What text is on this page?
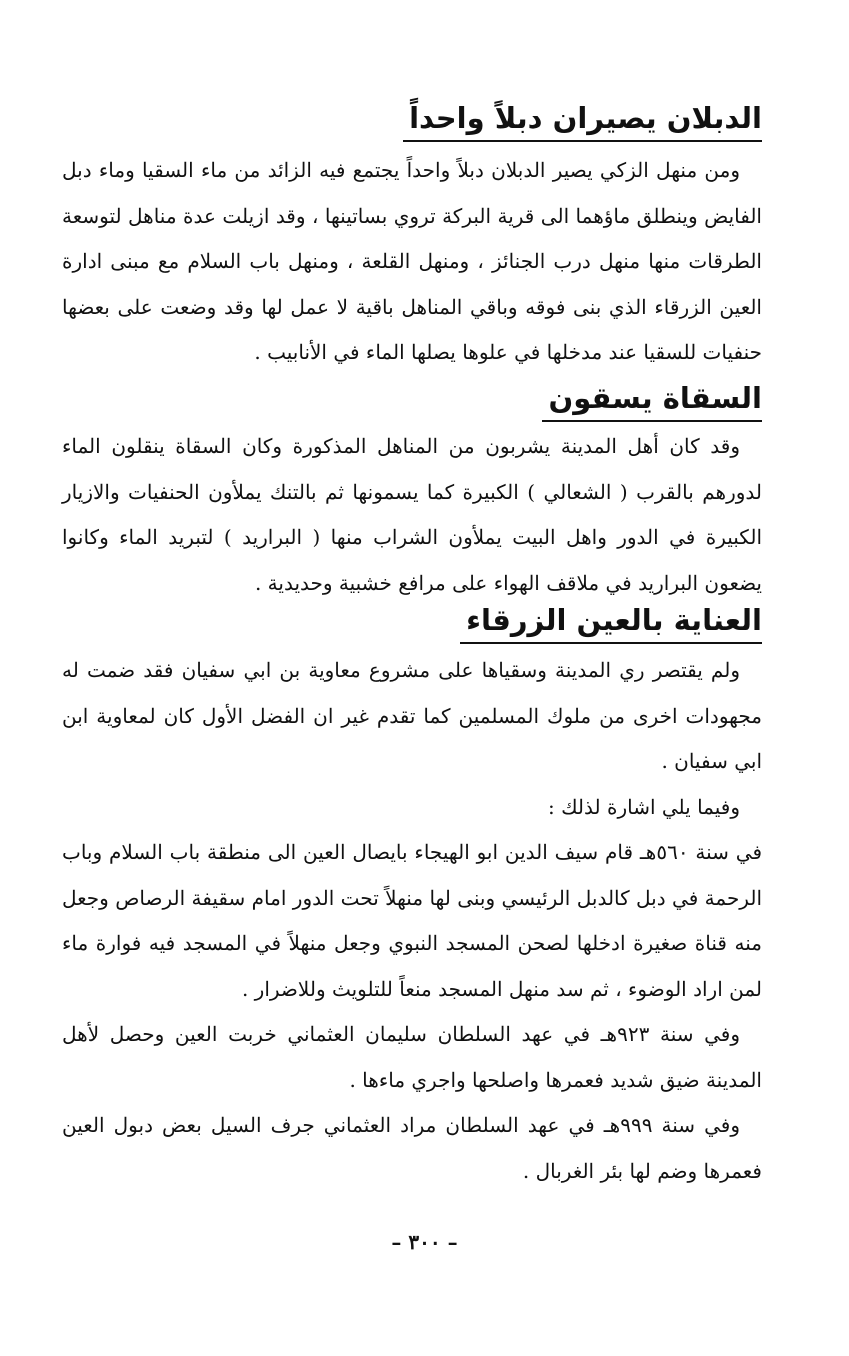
الدبلان يصيران دبلاً واحداً

ومن منهل الزكي يصير الدبلان دبلاً واحداً يجتمع فيه الزائد من ماء السقيا وماء دبل الفايض وينطلق ماؤهما الى قرية البركة تروي بساتينها ، وقد ازيلت عدة مناهل لتوسعة الطرقات منها منهل درب الجنائز ، ومنهل القلعة ، ومنهل باب السلام مع مبنى ادارة العين الزرقاء الذي بنى فوقه وباقي المناهل باقية لا عمل لها وقد وضعت على بعضها حنفيات للسقيا عند مدخلها في علوها يصلها الماء في الأنابيب .

السقاة يسقون

وقد كان أهل المدينة يشربون من المناهل المذكورة وكان السقاة ينقلون الماء لدورهم بالقرب ( الشعالي ) الكبيرة كما يسمونها ثم بالتنك يملأون الحنفيات والازيار الكبيرة في الدور واهل البيت يملأون الشراب منها ( البراريد ) لتبريد الماء وكانوا يضعون البراريد في ملاقف الهواء على مرافع خشبية وحديدية .

العناية بالعين الزرقاء

ولم يقتصر ري المدينة وسقياها على مشروع معاوية بن ابي سفيان فقد ضمت له مجهودات اخرى من ملوك المسلمين كما تقدم غير ان الفضل الأول كان لمعاوية ابن ابي سفيان .

وفيما يلي اشارة لذلك :

في سنة ٥٦٠هـ قام سيف الدين ابو الهيجاء بايصال العين الى منطقة باب السلام وباب الرحمة في دبل كالدبل الرئيسي وبنى لها منهلاً تحت الدور امام سقيفة الرصاص وجعل منه قناة صغيرة ادخلها لصحن المسجد النبوي وجعل منهلاً في المسجد فيه فوارة ماء لمن اراد الوضوء ، ثم سد منهل المسجد منعاً للتلويث وللاضرار .

وفي سنة ٩٢٣هـ في عهد السلطان سليمان العثماني خربت العين وحصل لأهل المدينة ضيق شديد فعمرها واصلحها واجري ماءها .

وفي سنة ٩٩٩هـ في عهد السلطان مراد العثماني جرف السيل بعض دبول العين فعمرها وضم لها بئر الغربال .

– ٣٠٠ –
